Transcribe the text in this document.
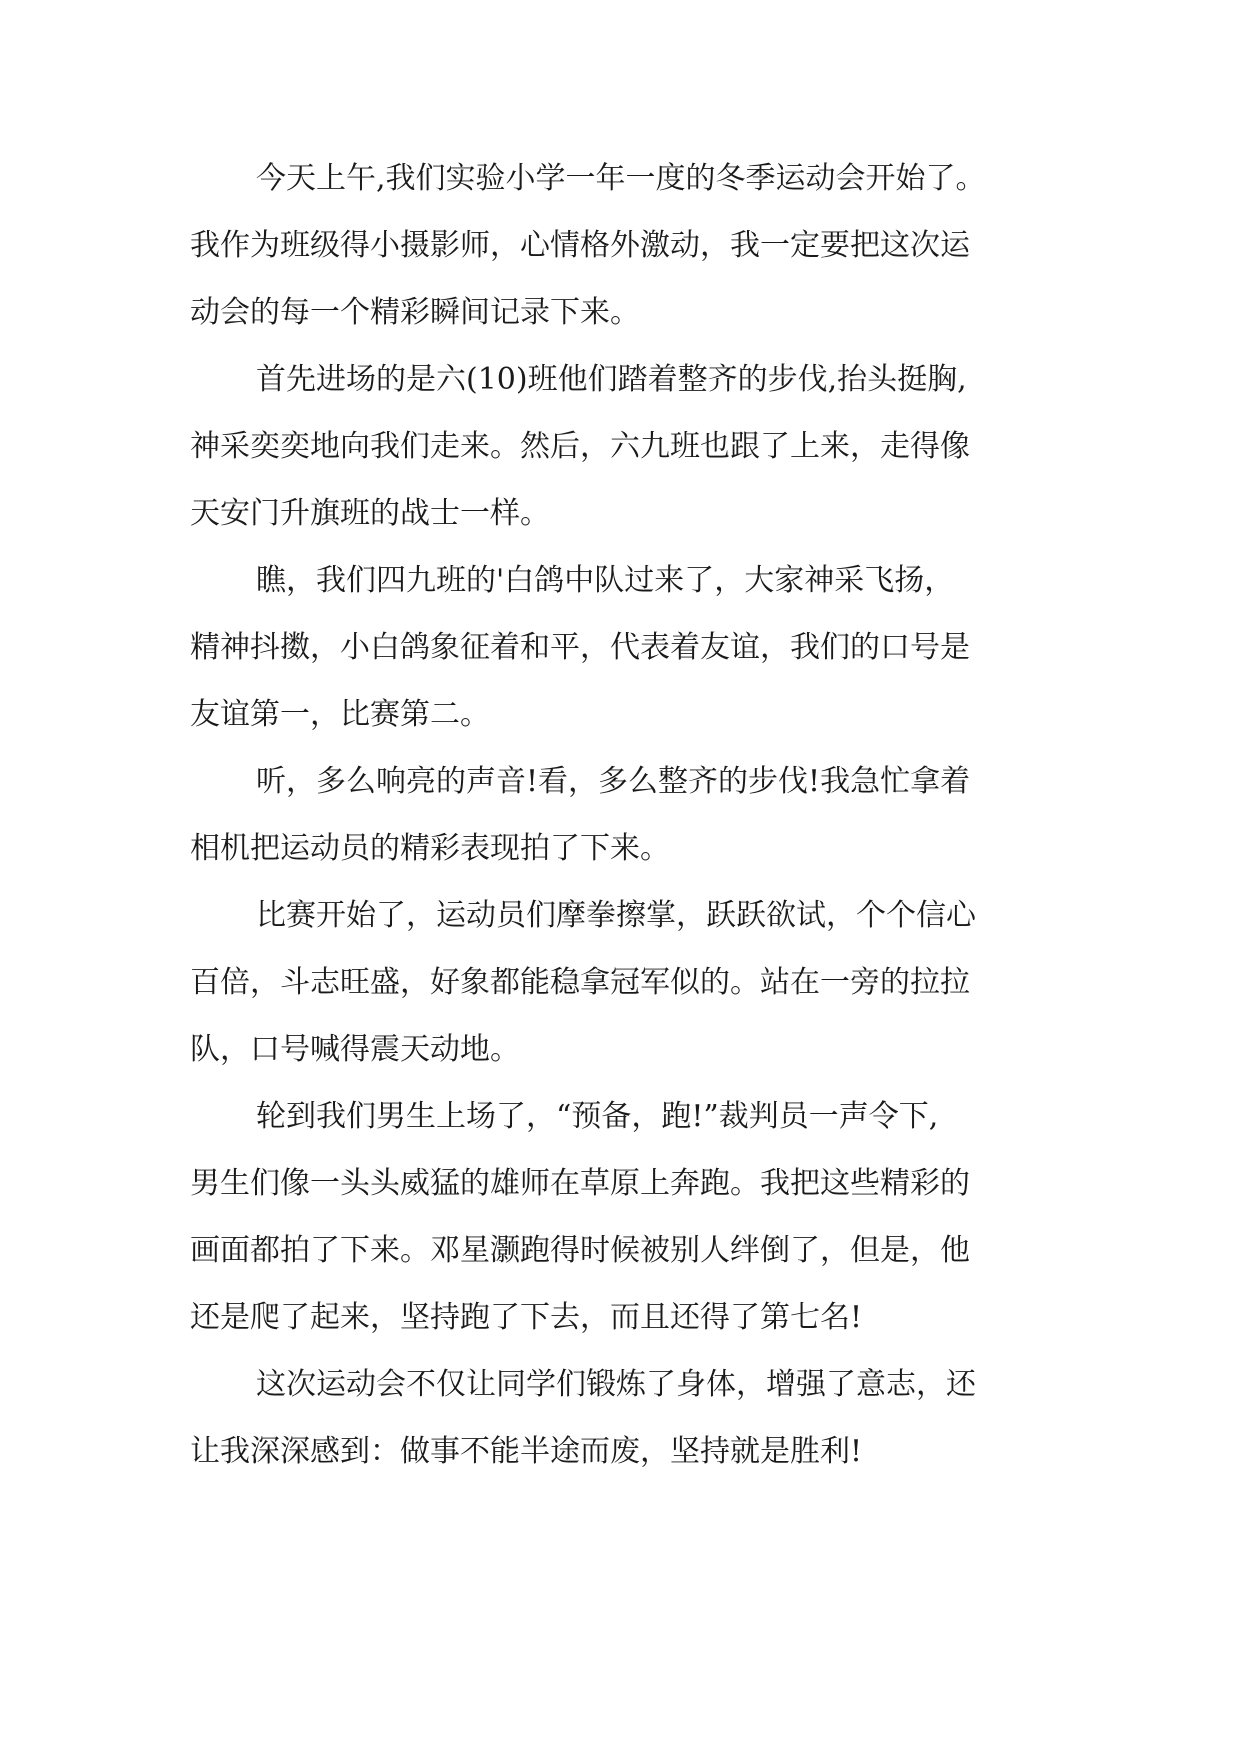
今天上午,我们实验小学一年一度的冬季运动会开始了。
我作为班级得小摄影师，心情格外激动，我一定要把这次运
动会的每一个精彩瞬间记录下来。

首先进场的是六(10)班他们踏着整齐的步伐,抬头挺胸,
神采奕奕地向我们走来。然后，六九班也跟了上来，走得像
天安门升旗班的战士一样。

瞧，我们四九班的'白鸽中队过来了，大家神采飞扬，
精神抖擞，小白鸽象征着和平，代表着友谊，我们的口号是
友谊第一，比赛第二。

听，多么响亮的声音!看，多么整齐的步伐!我急忙拿着
相机把运动员的精彩表现拍了下来。

比赛开始了，运动员们摩拳擦掌，跃跃欲试，个个信心
百倍，斗志旺盛，好象都能稳拿冠军似的。站在一旁的拉拉
队，口号喊得震天动地。

轮到我们男生上场了，“预备，跑!”裁判员一声令下,
男生们像一头头威猛的雄师在草原上奔跑。我把这些精彩的
画面都拍了下来。邓星灏跑得时候被别人绊倒了，但是，他
还是爬了起来，坚持跑了下去，而且还得了第七名!

这次运动会不仅让同学们锻炼了身体，增强了意志，还
让我深深感到：做事不能半途而废，坚持就是胜利!
